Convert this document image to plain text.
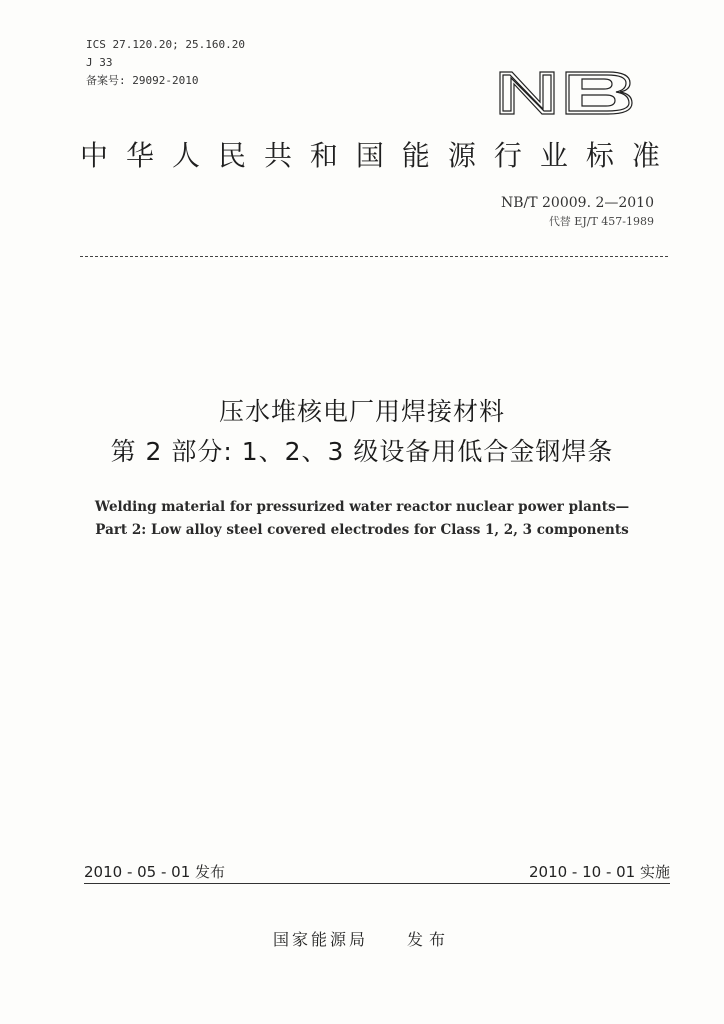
ICS 27.120.20; 25.160.20
J 33
备案号: 29092-2010
中 华 人 民 共 和 国 能 源 行 业 标 准
NB/T 20009. 2—2010
代替 EJ/T 457-1989
压水堆核电厂用焊接材料
第 2 部分: 1、2、3 级设备用低合金钢焊条
Welding material for pressurized water reactor nuclear power plants—
Part 2: Low alloy steel covered electrodes for Class 1, 2, 3 components
2010 - 05 - 01 发布	2010 - 10 - 01 实施
国家能源局 发布
